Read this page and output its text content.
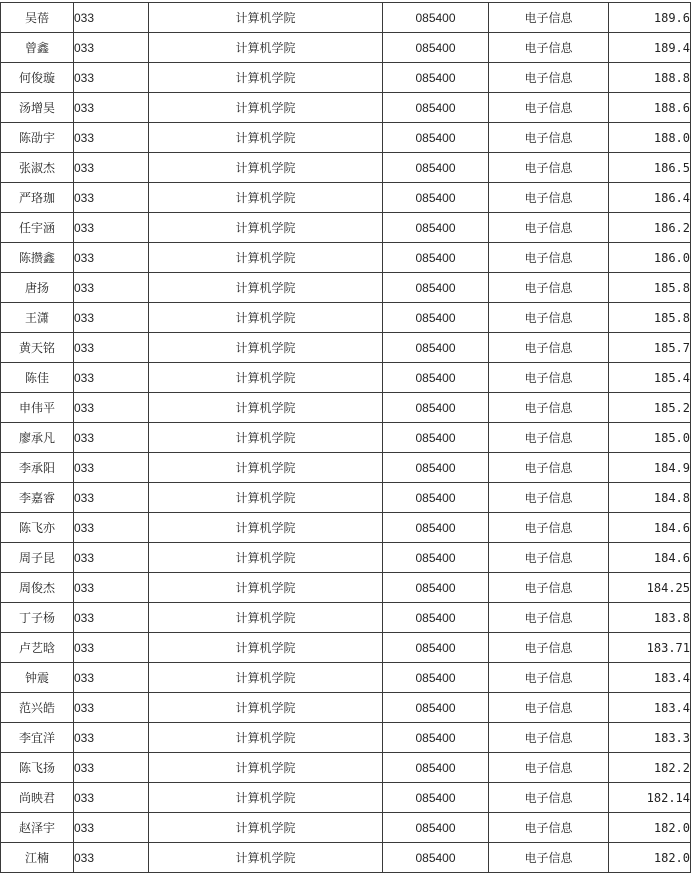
吴蓓	033	计算机学院	085400	电子信息	189.6
曾鑫	033	计算机学院	085400	电子信息	189.4
何俊璇	033	计算机学院	085400	电子信息	188.8
汤增昊	033	计算机学院	085400	电子信息	188.6
陈劭宇	033	计算机学院	085400	电子信息	188.0
张淑杰	033	计算机学院	085400	电子信息	186.5
严珞珈	033	计算机学院	085400	电子信息	186.4
任宇涵	033	计算机学院	085400	电子信息	186.2
陈攒鑫	033	计算机学院	085400	电子信息	186.0
唐扬	033	计算机学院	085400	电子信息	185.8
王潇	033	计算机学院	085400	电子信息	185.8
黄天铭	033	计算机学院	085400	电子信息	185.7
陈佳	033	计算机学院	085400	电子信息	185.4
申伟平	033	计算机学院	085400	电子信息	185.2
廖承凡	033	计算机学院	085400	电子信息	185.0
李承阳	033	计算机学院	085400	电子信息	184.9
李嘉睿	033	计算机学院	085400	电子信息	184.8
陈飞亦	033	计算机学院	085400	电子信息	184.6
周子昆	033	计算机学院	085400	电子信息	184.6
周俊杰	033	计算机学院	085400	电子信息	184.25
丁子杨	033	计算机学院	085400	电子信息	183.8
卢艺晗	033	计算机学院	085400	电子信息	183.71
钟震	033	计算机学院	085400	电子信息	183.4
范兴皓	033	计算机学院	085400	电子信息	183.4
李宜洋	033	计算机学院	085400	电子信息	183.3
陈飞扬	033	计算机学院	085400	电子信息	182.2
尚映君	033	计算机学院	085400	电子信息	182.14
赵泽宇	033	计算机学院	085400	电子信息	182.0
江楠	033	计算机学院	085400	电子信息	182.0
